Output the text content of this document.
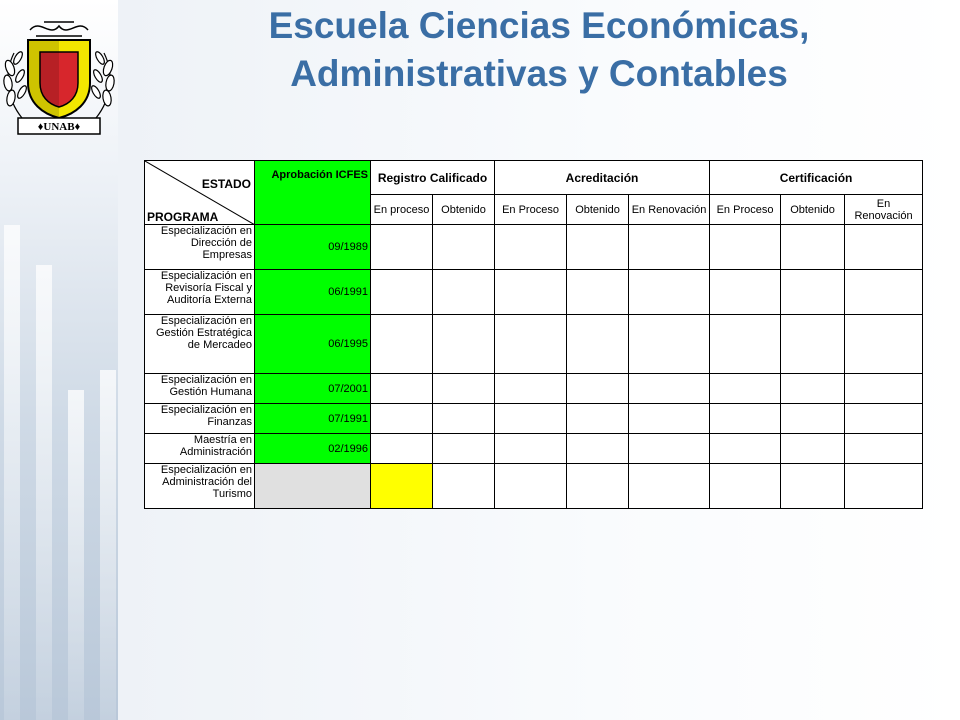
♦UNAB♦
Escuela Ciencias Económicas,
Administrativas y Contables
ESTADO
PROGRAMA	Aprobación ICFES	Registro Calificado		Acreditación			Certificación		
		En proceso	Obtenido	En Proceso	Obtenido	En Renovación	En Proceso	Obtenido	En Renovación
Especialización en Dirección de Empresas	09/1989								
Especialización en Revisoría Fiscal y Auditoría Externa	06/1991								
Especialización en Gestión Estratégica de Mercadeo	06/1995								
Especialización en Gestión Humana	07/2001								
Especialización en Finanzas	07/1991								
Maestría en Administración	02/1996								
Especialización en Administración del Turismo									
